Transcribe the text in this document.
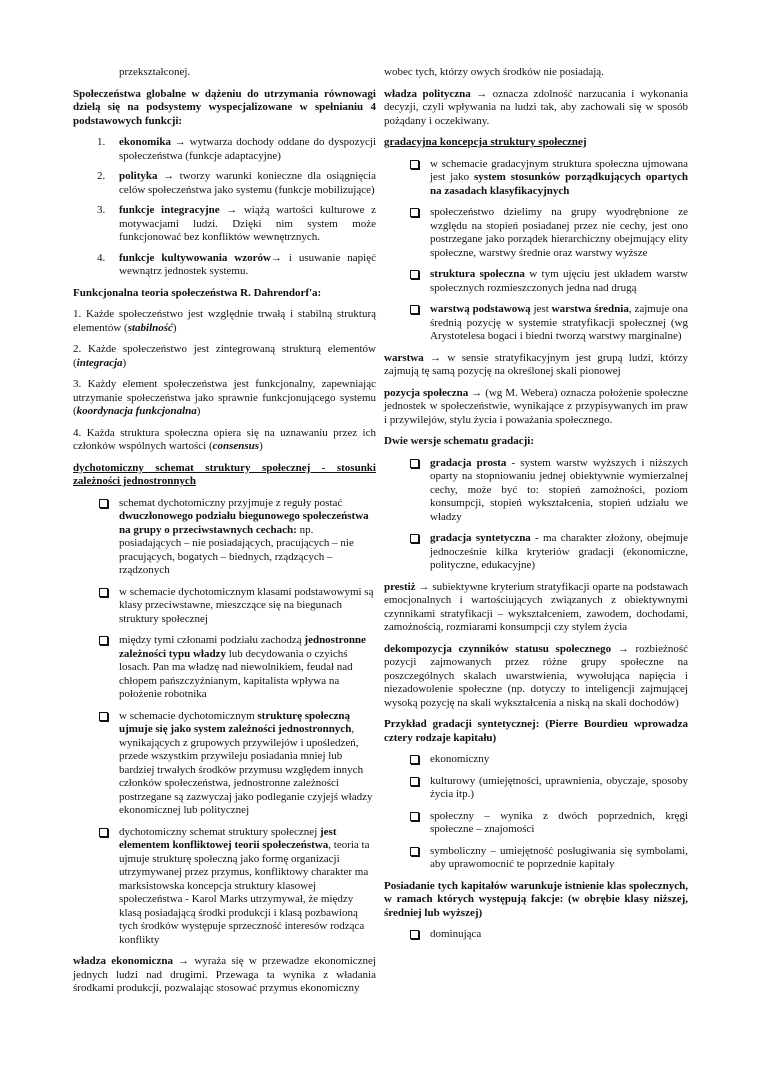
przekształconej.

Społeczeństwa globalne w dążeniu do utrzymania równowagi dzielą się na podsystemy wyspecjalizowane w spełnianiu 4 podstawowych funkcji:

1. ekonomika → wytwarza dochody oddane do dyspozycji społeczeństwa (funkcje adaptacyjne)
2. polityka → tworzy warunki konieczne dla osiągnięcia celów społeczeństwa jako systemu (funkcje mobilizujące)
3. funkcje integracyjne → wiążą wartości kulturowe z motywacjami ludzi. Dzięki nim system może funkcjonować bez konfliktów wewnętrznych.
4. funkcje kultywowania wzorów→ i usuwanie napięć wewnątrz jednostek systemu.

Funkcjonalna teoria społeczeństwa R. Dahrendorf'a:

1. Każde społeczeństwo jest względnie trwałą i stabilną strukturą elementów (stabilność)

2. Każde społeczeństwo jest zintegrowaną strukturą elementów (integracja)

3. Każdy element społeczeństwa jest funkcjonalny, zapewniając utrzymanie społeczeństwa jako sprawnie funkcjonującego systemu (koordynacja funkcjonalna)

4. Każda struktura społeczna opiera się na uznawaniu przez ich członków wspólnych wartości (consensus)

dychotomiczny schemat struktury społecznej - stosunki zależności jednostronnych

schemat dychotomiczny przyjmuje z reguły postać dwuczłonowego podziału biegunowego społeczeństwa na grupy o przeciwstawnych cechach: np. posiadających – nie posiadających, pracujących – nie pracujących, bogatych – biednych, rządzących – rządzonych
w schemacie dychotomicznym klasami podstawowymi są klasy przeciwstawne, mieszczące się na biegunach struktury społecznej
między tymi członami podziału zachodzą jednostronne zależności typu władzy lub decydowania o czyichś losach. Pan ma władzę nad niewolnikiem, feudał nad chłopem pańszczyźnianym, kapitalista wpływa na położenie robotnika
w schemacie dychotomicznym strukturę społeczną ujmuje się jako system zależności jednostronnych, wynikających z grupowych przywilejów i upośledzeń, przede wszystkim przywileju posiadania mniej lub bardziej trwałych środków przymusu względem innych członków społeczeństwa, jednostronne zależności postrzegane są zazwyczaj jako podleganie czyjejś władzy ekonomicznej lub politycznej
dychotomiczny schemat struktury społecznej jest elementem konfliktowej teorii społeczeństwa, teoria ta ujmuje strukturę społeczną jako formę organizacji utrzymywanej przez przymus, konfliktowy charakter ma marksistowska koncepcja struktury klasowej społeczeństwa - Karol Marks utrzymywał, że między klasą posiadającą środki produkcji i klasą pozbawioną tych środków występuje sprzeczność interesów rodząca konflikty

władza ekonomiczna → wyraża się w przewadze ekonomicznej jednych ludzi nad drugimi. Przewaga ta wynika z władania środkami produkcji, pozwalając stosować przymus ekonomiczny

wobec tych, którzy owych środków nie posiadają.

władza polityczna → oznacza zdolność narzucania i wykonania decyzji, czyli wpływania na ludzi tak, aby zachowali się w sposób pożądany i oczekiwany.

gradacyjna koncepcja struktury społecznej

w schemacie gradacyjnym struktura społeczna ujmowana jest jako system stosunków porządkujących opartych na zasadach klasyfikacyjnych
społeczeństwo dzielimy na grupy wyodrębnione ze względu na stopień posiadanej przez nie cechy, jest ono postrzegane jako porządek hierarchiczny obejmujący elity społeczne, warstwy średnie oraz warstwy wyższe
struktura społeczna w tym ujęciu jest układem warstw społecznych rozmieszczonych jedna nad drugą
warstwą podstawową jest warstwa średnia, zajmuje ona średnią pozycję w systemie stratyfikacji społecznej (wg Arystotelesa bogaci i biedni tworzą warstwy marginalne)

warstwa → w sensie stratyfikacyjnym jest grupą ludzi, którzy zajmują tę samą pozycję na określonej skali pionowej

pozycja społeczna → (wg M. Webera) oznacza położenie społeczne jednostek w społeczeństwie, wynikające z przypisywanych im praw i przywilejów, stylu życia i poważania społecznego.

Dwie wersje schematu gradacji:

gradacja prosta - system warstw wyższych i niższych oparty na stopniowaniu jednej obiektywnie wymierzalnej cechy, może być to: stopień zamożności, poziom konsumpcji, stopień wykształcenia, stopień udziału we władzy
gradacja syntetyczna - ma charakter złożony, obejmuje jednocześnie kilka kryteriów gradacji (ekonomiczne, polityczne, edukacyjne)

prestiż → subiektywne kryterium stratyfikacji oparte na podstawach emocjonalnych i wartościujących związanych z obiektywnymi czynnikami stratyfikacji – wykształceniem, zawodem, dochodami, zamożnością, rozmiarami konsumpcji czy stylem życia

dekompozycja czynników statusu społecznego → rozbieżność pozycji zajmowanych przez różne grupy społeczne na poszczególnych skalach uwarstwienia, wywołująca napięcia i niezadowolenie społeczne (np. dotyczy to inteligencji zajmującej wysoką pozycję na skali wykształcenia a niską na skali dochodów)

Przykład gradacji syntetycznej: (Pierre Bourdieu wprowadza cztery rodzaje kapitału)

ekonomiczny
kulturowy (umiejętności, uprawnienia, obyczaje, sposoby życia itp.)
społeczny – wynika z dwóch poprzednich, kręgi społeczne – znajomości
symboliczny – umiejętność posługiwania się symbolami, aby uprawomocnić te poprzednie kapitały

Posiadanie tych kapitałów warunkuje istnienie klas społecznych, w ramach których występują fakcje: (w obrębie klasy niższej, średniej lub wyższej)

dominująca
